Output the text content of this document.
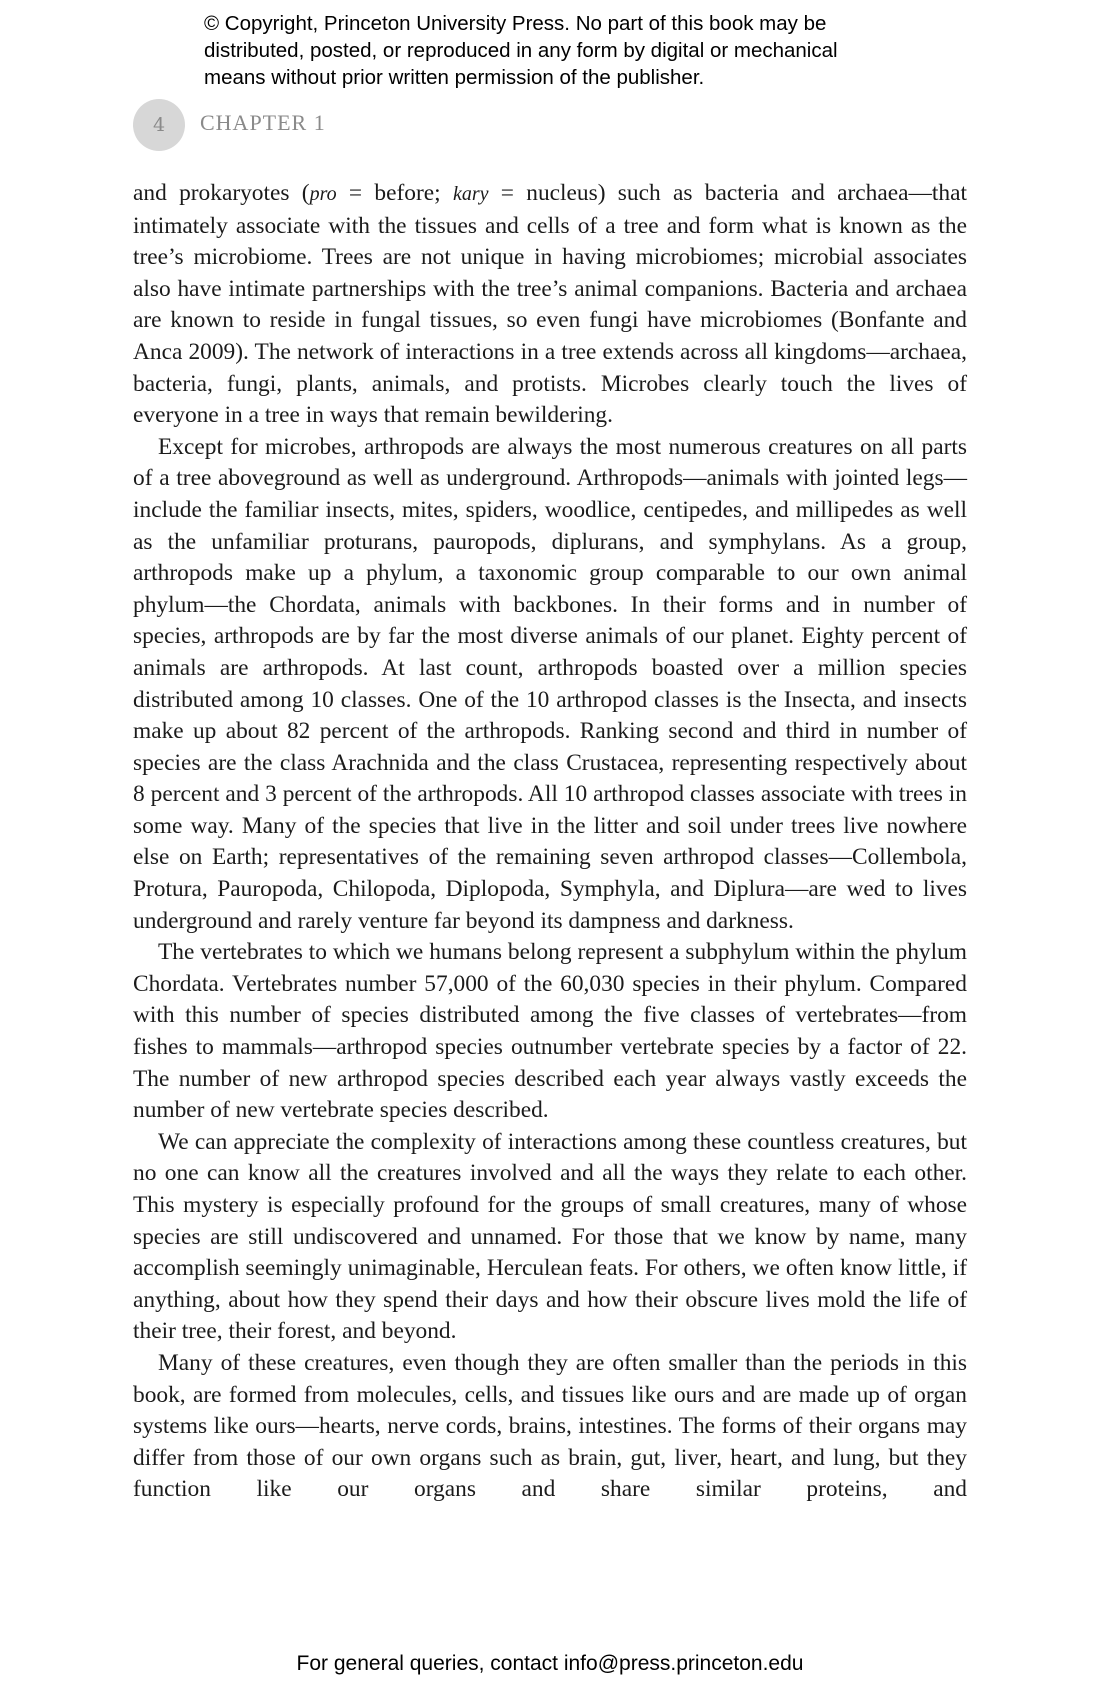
© Copyright, Princeton University Press. No part of this book may be
distributed, posted, or reproduced in any form by digital or mechanical
means without prior written permission of the publisher.
4	CHAPTER 1

and prokaryotes (pro = before; kary = nucleus) such as bacteria and archaea—that intimately associate with the tissues and cells of a tree and form what is known as the tree’s microbiome. Trees are not unique in having microbiomes; microbial associates also have intimate partnerships with the tree’s animal companions. Bacteria and archaea are known to reside in fungal tissues, so even fungi have microbiomes (Bonfante and Anca 2009). The network of interactions in a tree extends across all kingdoms—archaea, bacteria, fungi, plants, animals, and protists. Microbes clearly touch the lives of everyone in a tree in ways that remain bewildering.

Except for microbes, arthropods are always the most numerous creatures on all parts of a tree aboveground as well as underground. Arthropods—animals with jointed legs—include the familiar insects, mites, spiders, woodlice, centipedes, and millipedes as well as the unfamiliar proturans, pauropods, diplurans, and symphylans. As a group, arthropods make up a phylum, a taxonomic group comparable to our own animal phylum—the Chordata, animals with backbones. In their forms and in number of species, arthropods are by far the most diverse animals of our planet. Eighty percent of animals are arthropods. At last count, arthropods boasted over a million species distributed among 10 classes. One of the 10 arthropod classes is the Insecta, and insects make up about 82 percent of the arthropods. Ranking second and third in number of species are the class Arachnida and the class Crustacea, representing respectively about 8 percent and 3 percent of the arthropods. All 10 arthropod classes associate with trees in some way. Many of the species that live in the litter and soil under trees live nowhere else on Earth; representatives of the remaining seven arthropod classes—Collembola, Protura, Pauropoda, Chilopoda, Diplopoda, Symphyla, and Diplura—are wed to lives underground and rarely venture far beyond its dampness and darkness.

The vertebrates to which we humans belong represent a subphylum within the phylum Chordata. Vertebrates number 57,000 of the 60,030 species in their phylum. Compared with this number of species distributed among the five classes of vertebrates—from fishes to mammals—arthropod species outnumber vertebrate species by a factor of 22. The number of new arthropod species described each year always vastly exceeds the number of new vertebrate species described.

We can appreciate the complexity of interactions among these countless creatures, but no one can know all the creatures involved and all the ways they relate to each other. This mystery is especially profound for the groups of small creatures, many of whose species are still undiscovered and unnamed. For those that we know by name, many accomplish seemingly unimaginable, Herculean feats. For others, we often know little, if anything, about how they spend their days and how their obscure lives mold the life of their tree, their forest, and beyond.

Many of these creatures, even though they are often smaller than the periods in this book, are formed from molecules, cells, and tissues like ours and are made up of organ systems like ours—hearts, nerve cords, brains, intestines. The forms of their organs may differ from those of our own organs such as brain, gut, liver, heart, and lung, but they function like our organs and share similar proteins, and

For general queries, contact info@press.princeton.edu
